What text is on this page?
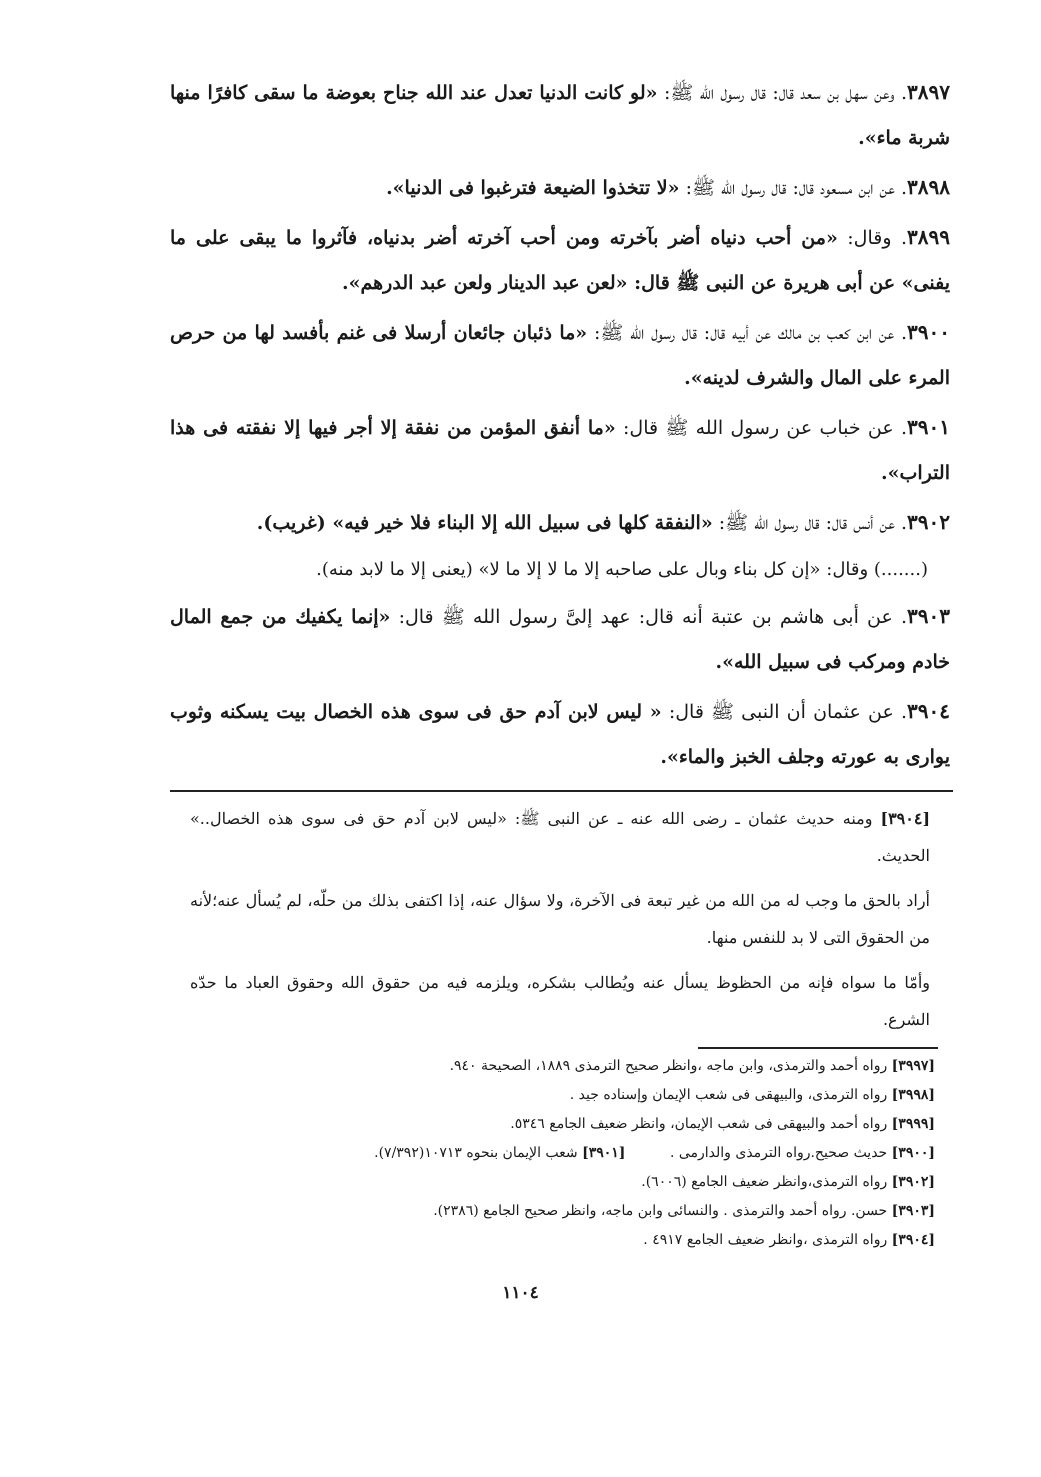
٣٨٩٧. وعن سهل بن سعد قال: قال رسول الله ﷺ: «لو كانت الدنيا تعدل عند الله جناح بعوضة ما سقى كافرًا منها شربة ماء».

٣٨٩٨. عن ابن مسعود قال: قال رسول الله ﷺ: «لا تتخذوا الضيعة فترغبوا فى الدنيا».

٣٨٩٩. وقال: «من أحب دنياه أضر بآخرته ومن أحب آخرته أضر بدنياه، فآثروا ما يبقى على ما يفنى» عن أبى هريرة عن النبى ﷺ قال: «لعن عبد الدينار ولعن عبد الدرهم».

٣٩٠٠. عن ابن كعب بن مالك عن أبيه قال: قال رسول الله ﷺ: «ما ذئبان جائعان أرسلا فى غنم بأفسد لها من حرص المرء على المال والشرف لدينه».

٣٩٠١. عن خباب عن رسول الله ﷺ قال: «ما أنفق المؤمن من نفقة إلا أجر فيها إلا نفقته فى هذا التراب».

٣٩٠٢. عن أنس قال: قال رسول الله ﷺ: «النفقة كلها فى سبيل الله إلا البناء فلا خير فيه» (غريب).

(.......) وقال: «إن كل بناء وبال على صاحبه إلا ما لا إلا ما لا» (يعنى إلا ما لابد منه).

٣٩٠٣. عن أبى هاشم بن عتبة أنه قال: عهد إلىَّ رسول الله ﷺ قال: «إنما يكفيك من جمع المال خادم ومركب فى سبيل الله».

٣٩٠٤. عن عثمان أن النبى ﷺ قال: « ليس لابن آدم حق فى سوى هذه الخصال بيت يسكنه وثوب يوارى به عورته وجلف الخبز والماء».

[٣٩٠٤] ومنه حديث عثمان ـ رضى الله عنه ـ عن النبى ﷺ: «ليس لابن آدم حق فى سوى هذه الخصال..» الحديث.

أراد بالحق ما وجب له من الله من غير تبعة فى الآخرة، ولا سؤال عنه، إذا اكتفى بذلك من حلّه، لم يُسأل عنه؛لأنه من الحقوق التى لا بد للنفس منها.

وأمّا ما سواه فإنه من الحظوظ يسأل عنه ويُطالب بشكره، ويلزمه فيه من حقوق الله وحقوق العباد ما حدّه الشرع.

[٣٩٩٧] رواه أحمد والترمذى، وابن ماجه ،وانظر صحيح الترمذى ١٨٨٩، الصحيحة ٩٤٠.

[٣٩٩٨] رواه الترمذى، والبيهقى فى شعب الإيمان وإسناده جيد .

[٣٩٩٩] رواه أحمد والبيهقى فى شعب الإيمان، وانظر ضعيف الجامع ٥٣٤٦.

[٣٩٠٠] حديث صحيح.رواه الترمذى والدارمى .          [٣٩٠١] شعب الإيمان بنحوه ١٠٧١٣(٧/٣٩٢).

[٣٩٠٢] رواه الترمذى،وانظر ضعيف الجامع (٦٠٠٦).

[٣٩٠٣] حسن. رواه أحمد والترمذى . والنسائى وابن ماجه، وانظر صحيح الجامع (٢٣٨٦).

[٣٩٠٤] رواه الترمذى ،وانظر ضعيف الجامع ٤٩١٧ .

١١٠٤
